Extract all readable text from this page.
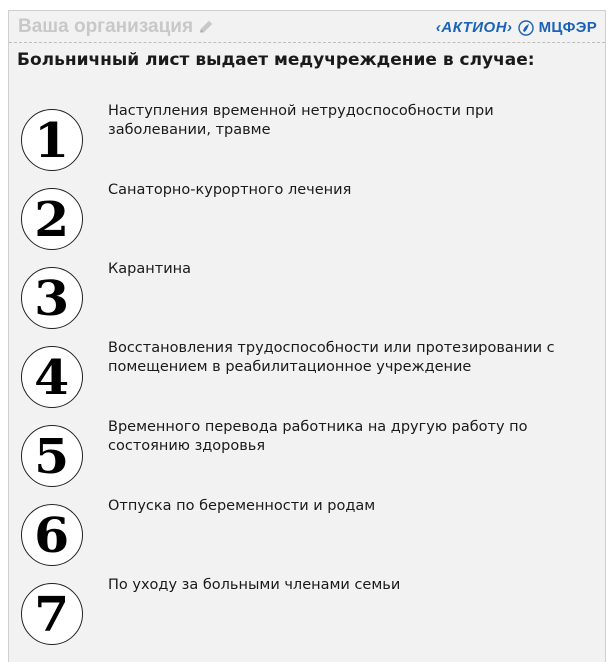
Ваша организация	‹АКТИОН› МЦФЭР
Больничный лист выдает медучреждение в случае:
1
Наступления временной нетрудоспособности при заболевании, травме
2
Санаторно-курортного лечения
3
Карантина
4
Восстановления трудоспособности или протезировании с помещением в реабилитационное учреждение
5
Временного перевода работника на другую работу по состоянию здоровья
6
Отпуска по беременности и родам
7
По уходу за больными членами семьи
